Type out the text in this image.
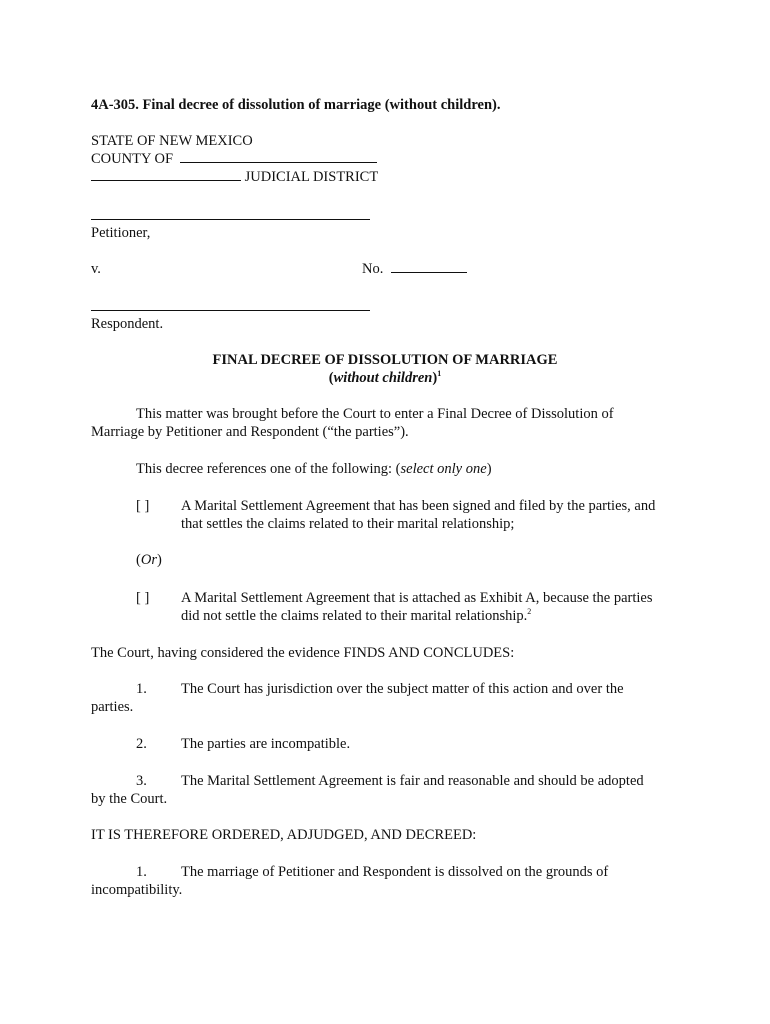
4A-305. Final decree of dissolution of marriage (without children).
STATE OF NEW MEXICO
COUNTY OF
JUDICIAL DISTRICT
Petitioner,
v.	No.
Respondent.
FINAL DECREE OF DISSOLUTION OF MARRIAGE
(without children)$^1$
This matter was brought before the Court to enter a Final Decree of Dissolution of
Marriage by Petitioner and Respondent (“the parties”).
This decree references one of the following: (select only one)
[ ] A Marital Settlement Agreement that has been signed and filed by the parties, and
that settles the claims related to their marital relationship;
(Or)
[ ] A Marital Settlement Agreement that is attached as Exhibit A, because the parties
did not settle the claims related to their marital relationship.$^2$
The Court, having considered the evidence FINDS AND CONCLUDES:
1. The Court has jurisdiction over the subject matter of this action and over the
parties.
2. The parties are incompatible.
3. The Marital Settlement Agreement is fair and reasonable and should be adopted
by the Court.
IT IS THEREFORE ORDERED, ADJUDGED, AND DECREED:
1. The marriage of Petitioner and Respondent is dissolved on the grounds of
incompatibility.
